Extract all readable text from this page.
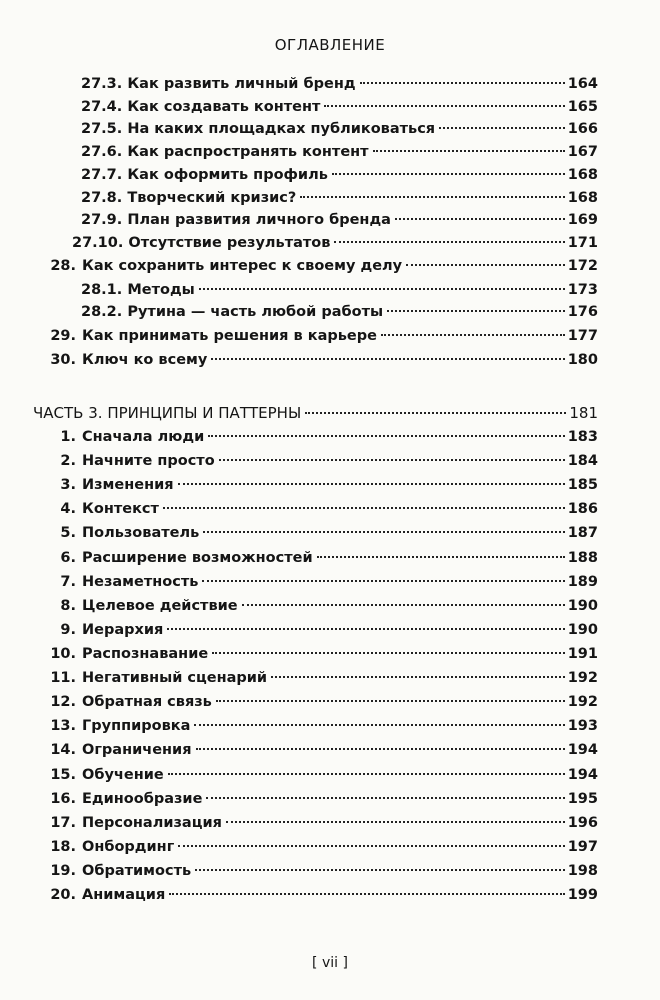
ОГЛАВЛЕНИЕ
27.3. Как развить личный бренд	164
27.4. Как создавать контент	165
27.5. На каких площадках публиковаться	166
27.6. Как распространять контент	167
27.7. Как оформить профиль	168
27.8. Творческий кризис?	168
27.9. План развития личного бренда	169
27.10. Отсутствие результатов	171
28. Как сохранить интерес к своему делу	172
28.1. Методы	173
28.2. Рутина — часть любой работы	176
29. Как принимать решения в карьере	177
30. Ключ ко всему	180
ЧАСТЬ 3. ПРИНЦИПЫ И ПАТТЕРНЫ	181
1. Сначала люди	183
2. Начните просто	184
3. Изменения	185
4. Контекст	186
5. Пользователь	187
6. Расширение возможностей	188
7. Незаметность	189
8. Целевое действие	190
9. Иерархия	190
10. Распознавание	191
11. Негативный сценарий	192
12. Обратная связь	192
13. Группировка	193
14. Ограничения	194
15. Обучение	194
16. Единообразие	195
17. Персонализация	196
18. Онбординг	197
19. Обратимость	198
20. Анимация	199
[ vii ]
